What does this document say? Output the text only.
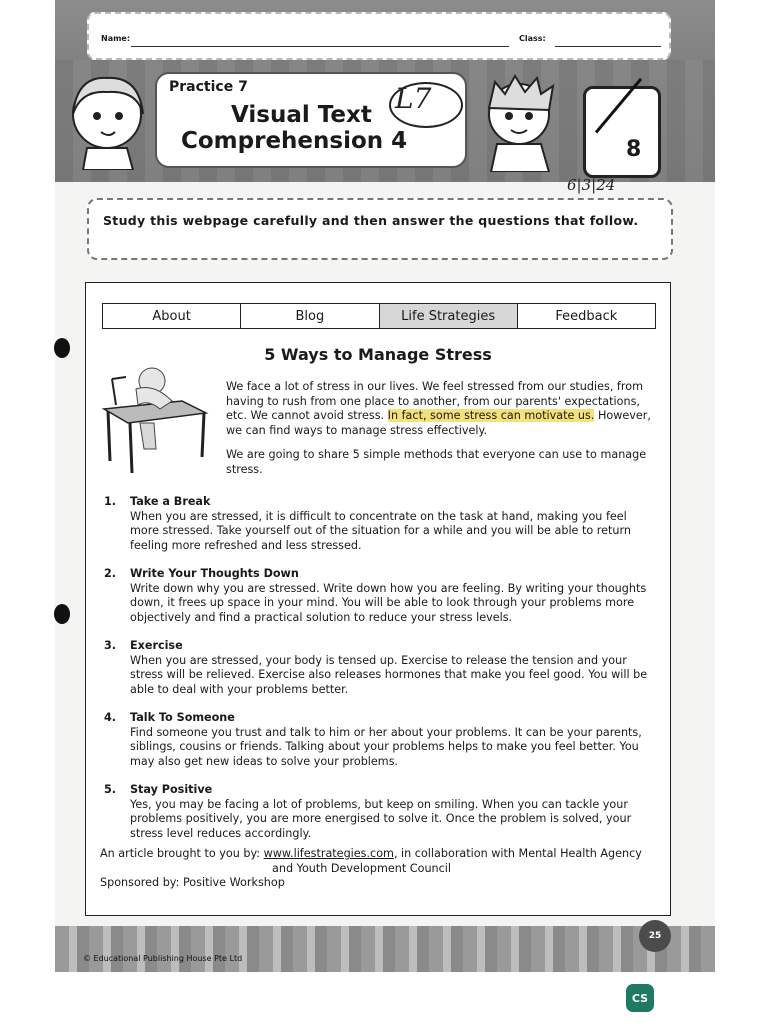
Name:	Class:
Practice 7
Visual Text
Comprehension 4
L7
8
6|3|24
Study this webpage carefully and then answer the questions that follow.
About	Blog	Life Strategies	Feedback
5 Ways to Manage Stress

We face a lot of stress in our lives. We feel stressed from our studies, from having to rush from one place to another, from our parents' expectations, etc. We cannot avoid stress. In fact, some stress can motivate us. However, we can find ways to manage stress effectively.

We are going to share 5 simple methods that everyone can use to manage stress.

1. Take a Break
When you are stressed, it is difficult to concentrate on the task at hand, making you feel more stressed. Take yourself out of the situation for a while and you will be able to return feeling more refreshed and less stressed.
2. Write Your Thoughts Down
Write down why you are stressed. Write down how you are feeling. By writing your thoughts down, it frees up space in your mind. You will be able to look through your problems more objectively and find a practical solution to reduce your stress levels.
3. Exercise
When you are stressed, your body is tensed up. Exercise to release the tension and your stress will be relieved. Exercise also releases hormones that make you feel good. You will be able to deal with your problems better.
4. Talk To Someone
Find someone you trust and talk to him or her about your problems. It can be your parents, siblings, cousins or friends. Talking about your problems helps to make you feel better. You may also get new ideas to solve your problems.
5. Stay Positive
Yes, you may be facing a lot of problems, but keep on smiling. When you can tackle your problems positively, you are more energised to solve it. Once the problem is solved, your stress level reduces accordingly.
An article brought to you by: www.lifestrategies.com, in collaboration with Mental Health Agency
and Youth Development Council
Sponsored by: Positive Workshop
© Educational Publishing House Pte Ltd
25
CS
